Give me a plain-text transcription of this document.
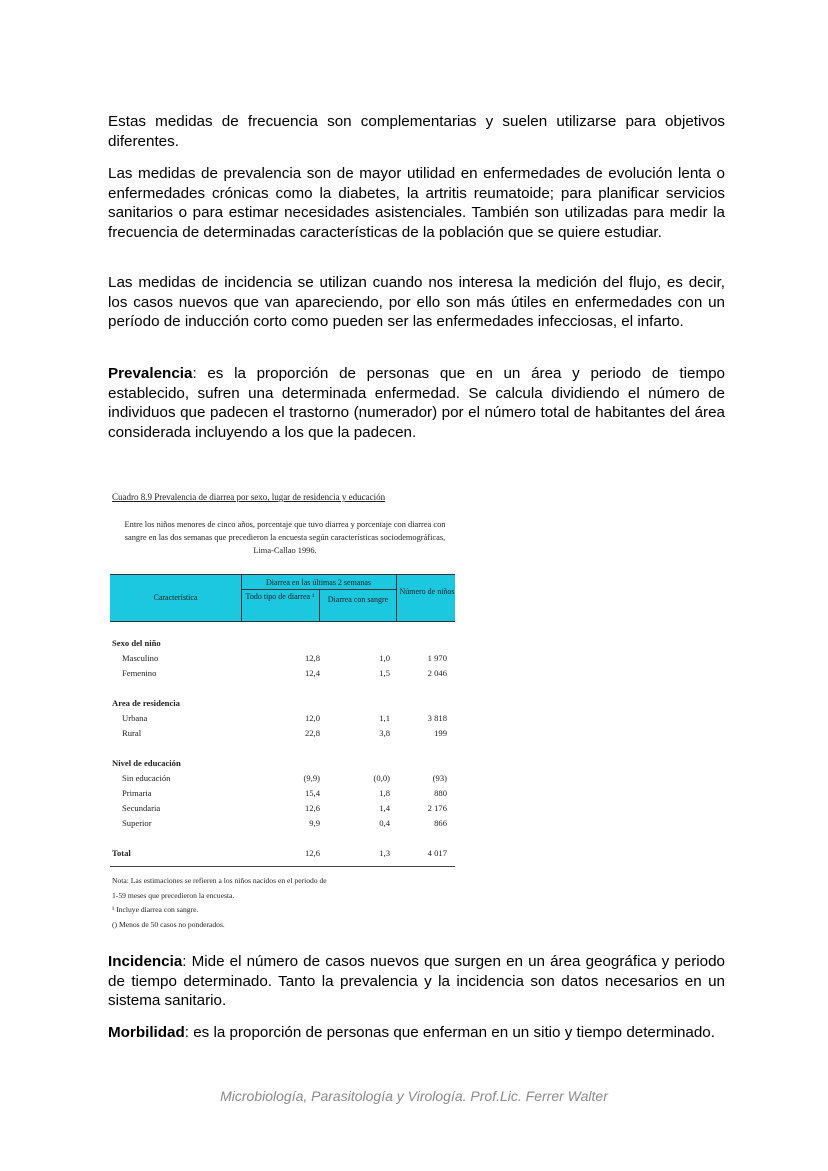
Estas medidas de frecuencia son complementarias y suelen utilizarse para objetivos diferentes.

Las medidas de prevalencia son de mayor utilidad en enfermedades de evolución lenta o enfermedades crónicas como la diabetes, la artritis reumatoide; para planificar servicios sanitarios o para estimar necesidades asistenciales. También son utilizadas para medir la frecuencia de determinadas características de la población que se quiere estudiar.

Las medidas de incidencia se utilizan cuando nos interesa la medición del flujo, es decir, los casos nuevos que van apareciendo, por ello son más útiles en enfermedades con un período de inducción corto como pueden ser las enfermedades infecciosas, el infarto.

Prevalencia: es la proporción de personas que en un área y periodo de tiempo establecido, sufren una determinada enfermedad. Se calcula dividiendo el número de individuos que padecen el trastorno (numerador) por el número total de habitantes del área considerada incluyendo a los que la padecen.

Cuadro 8.9 Prevalencia de diarrea por sexo, lugar de residencia y educación
Entre los niños menores de cinco años, porcentaje que tuvo diarrea y porcentaje con diarrea con sangre en las dos semanas que precedieron la encuesta según características sociodemográficas, Lima-Callao 1996.
Característica
Diarrea en las últimas 2 semanas
Todo tipo de diarrea ¹	Diarrea con sangre
Número de niños
Sexo del niño
Masculino	12,8	1,0	1 970
Femenino	12,4	1,5	2 046
Area de residencia
Urbana	12,0	1,1	3 818
Rural	22,8	3,8	199
Nivel de educación
Sin educación	(9,9)	(0,0)	(93)
Primaria	15,4	1,8	880
Secundaria	12,6	1,4	2 176
Superior	9,9	0,4	866
Total	12,6	1,3	4 017
Nota: Las estimaciones se refieren a los niños nacidos en el periodo de
1-59 meses que precedieron la encuesta.
¹ Incluye diarrea con sangre.
() Menos de 50 casos no ponderados.

Incidencia: Mide el número de casos nuevos que surgen en un área geográfica y periodo de tiempo determinado. Tanto la prevalencia y la incidencia son datos necesarios en un sistema sanitario.

Morbilidad: es la proporción de personas que enferman en un sitio y tiempo determinado.

Microbiología, Parasitología y Virología. Prof.Lic. Ferrer Walter
